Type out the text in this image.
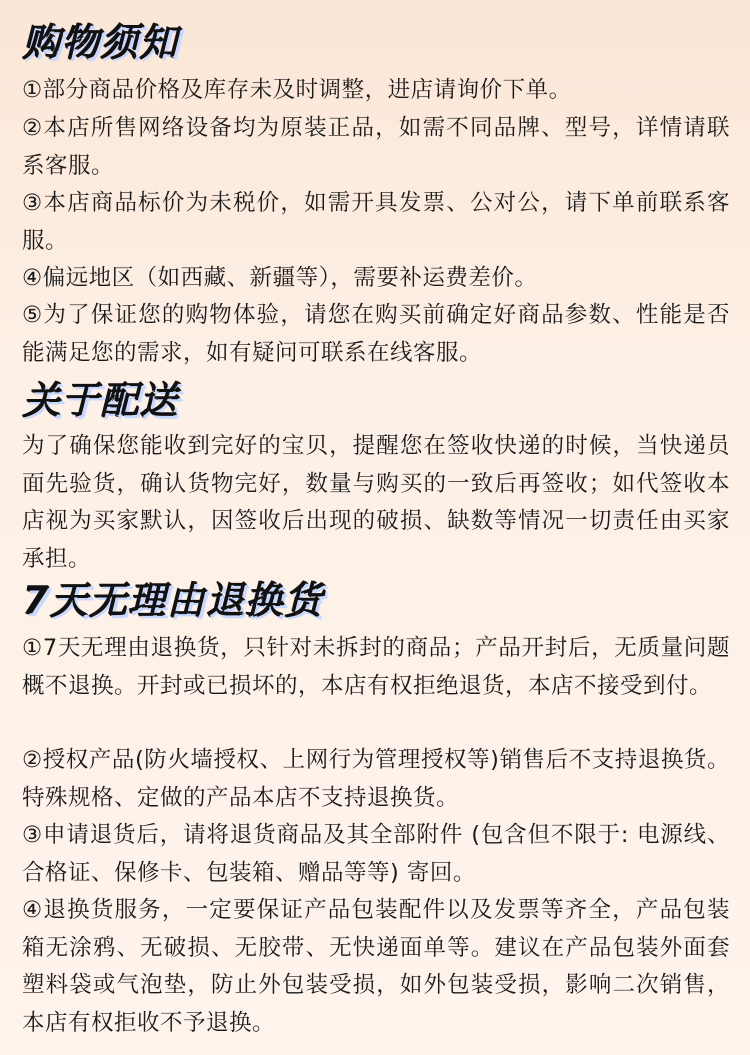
购物须知

①部分商品价格及库存未及时调整，进店请询价下单。

②本店所售网络设备均为原装正品，如需不同品牌、型号，详情请联系客服。

③本店商品标价为未税价，如需开具发票、公对公，请下单前联系客服。

④偏远地区（如西藏、新疆等），需要补运费差价。

⑤为了保证您的购物体验，请您在购买前确定好商品参数、性能是否能满足您的需求，如有疑问可联系在线客服。

关于配送

为了确保您能收到完好的宝贝，提醒您在签收快递的时候，当快递员面先验货，确认货物完好，数量与购买的一致后再签收；如代签收本店视为买家默认，因签收后出现的破损、缺数等情况一切责任由买家承担。

7天无理由退换货

①7天无理由退换货，只针对未拆封的商品；产品开封后，无质量问题概不退换。开封或已损坏的，本店有权拒绝退货，本店不接受到付。

②授权产品(防火墙授权、上网行为管理授权等)销售后不支持退换货。特殊规格、定做的产品本店不支持退换货。

③申请退货后，请将退货商品及其全部附件 (包含但不限于: 电源线、合格证、保修卡、包装箱、赠品等等) 寄回。

④退换货服务，一定要保证产品包装配件以及发票等齐全，产品包装箱无涂鸦、无破损、无胶带、无快递面单等。建议在产品包装外面套塑料袋或气泡垫，防止外包装受损，如外包装受损，影响二次销售，本店有权拒收不予退换。
